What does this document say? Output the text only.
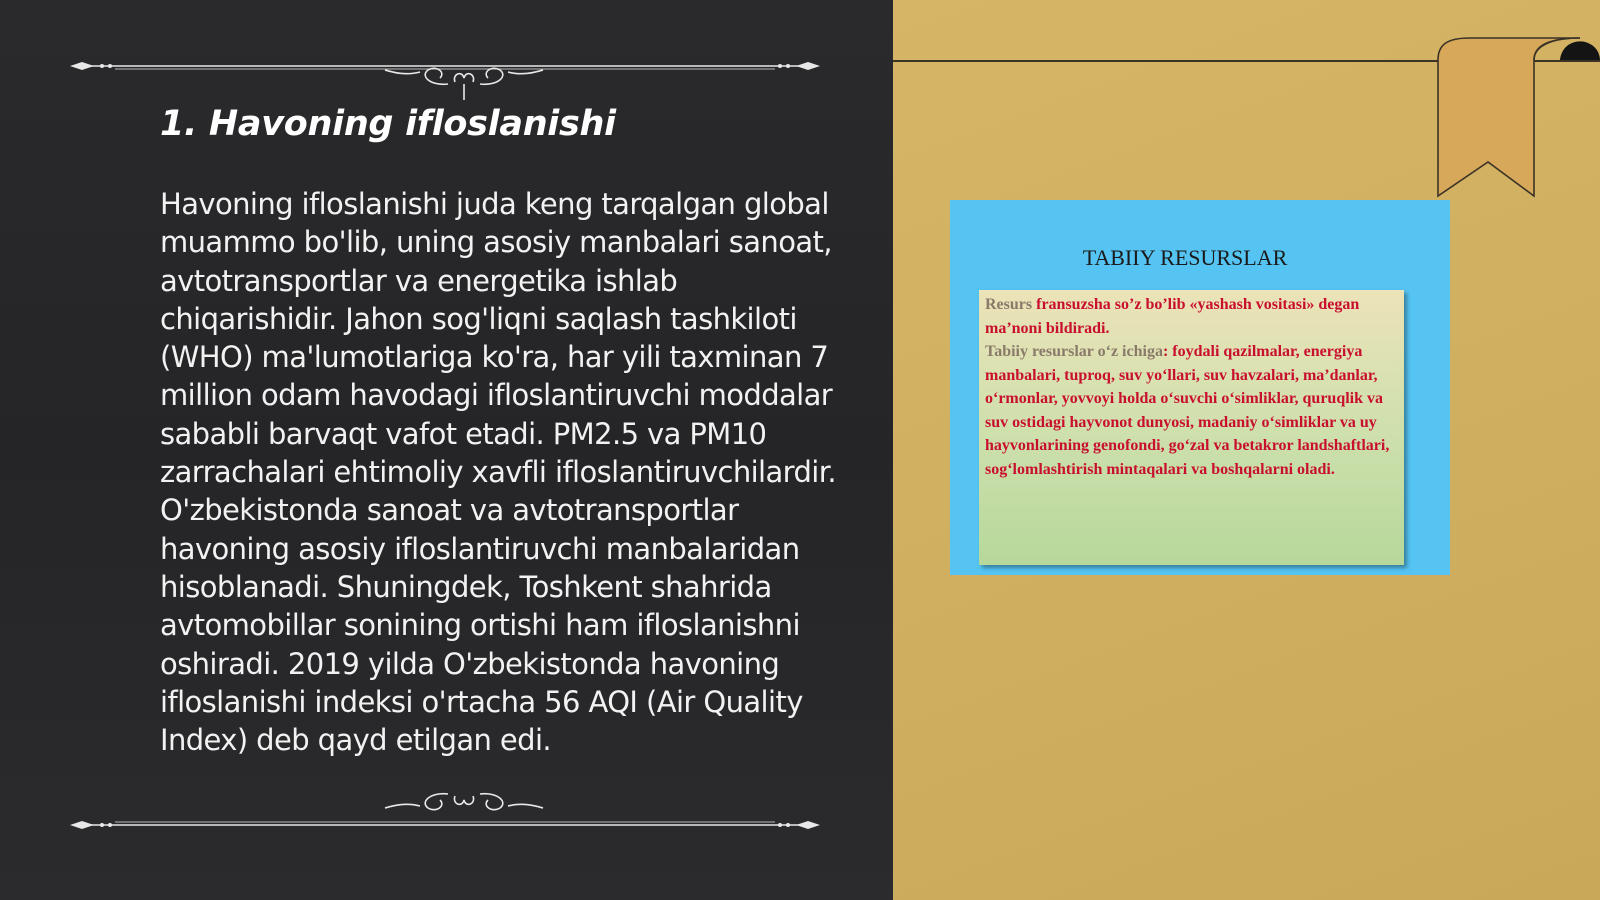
1. Havoning ifloslanishi

Havoning ifloslanishi juda keng tarqalgan global muammo bo'lib, uning asosiy manbalari sanoat, avtotransportlar va energetika ishlab chiqarishidir. Jahon sog'liqni saqlash tashkiloti (WHO) ma'lumotlariga ko'ra, har yili taxminan 7 million odam havodagi ifloslantiruvchi moddalar sababli barvaqt vafot etadi. PM2.5 va PM10 zarrachalari ehtimoliy xavfli ifloslantiruvchilardir. O'zbekistonda sanoat va avtotransportlar havoning asosiy ifloslantiruvchi manbalaridan hisoblanadi. Shuningdek, Toshkent shahrida avtomobillar sonining ortishi ham ifloslanishni oshiradi. 2019 yilda O'zbekistonda havoning ifloslanishi indeksi o'rtacha 56 AQI (Air Quality Index) deb qayd etilgan edi.

TABIIY RESURSLAR
Resurs fransuzsha so’z bo’lib «yashash vositasi» degan ma’noni bildiradi.
Tabiiy resurslar o‘z ichiga: foydali qazilmalar, energiya manbalari, tuproq, suv yo‘llari, suv havzalari, ma’danlar, o‘rmonlar, yovvoyi holda o‘suvchi o‘simliklar, quruqlik va suv ostidagi hayvonot dunyosi, madaniy o‘simliklar va uy hayvonlarining genofondi, go‘zal va betakror landshaftlari, sog‘lomlashtirish mintaqalari va boshqalarni oladi.
